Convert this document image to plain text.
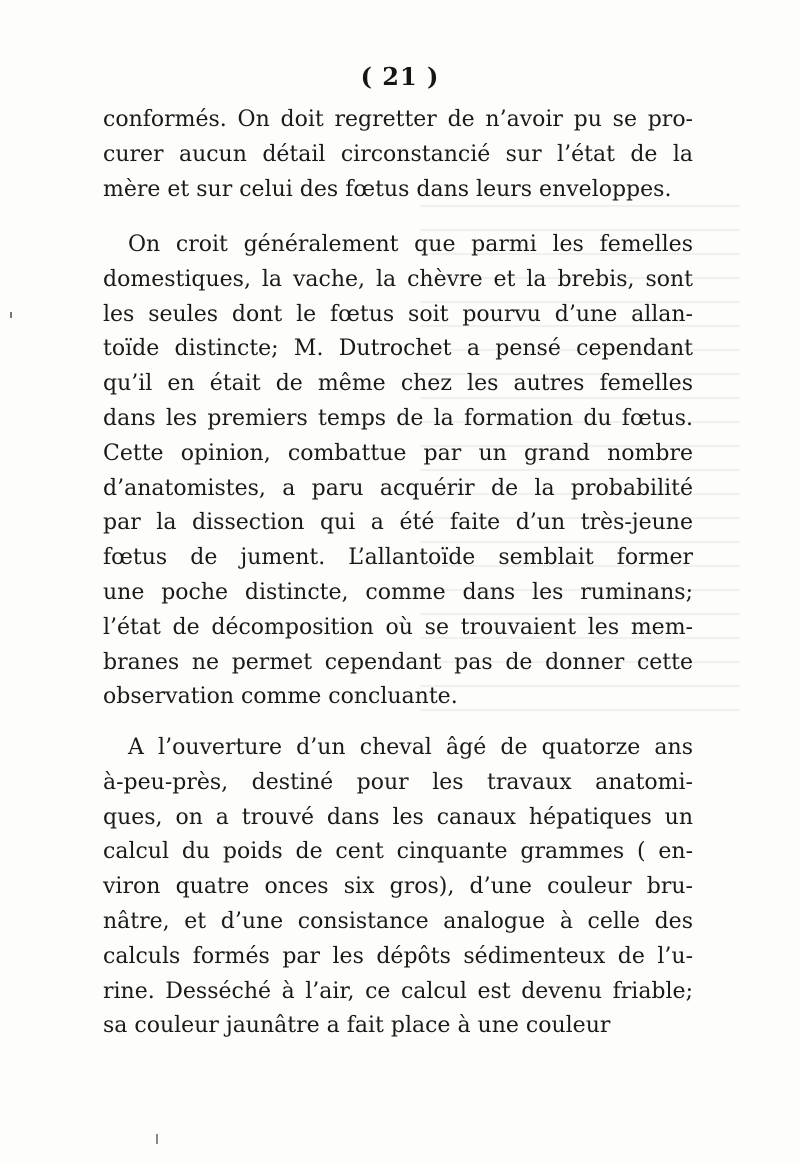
( 21 )
conformés. On doit regretter de n’avoir pu se pro-
curer aucun détail circonstancié sur l’état de la
mère et sur celui des fœtus dans leurs enveloppes.
On croit généralement que parmi les femelles
domestiques, la vache, la chèvre et la brebis, sont
les seules dont le fœtus soit pourvu d’une allan-
toïde distincte; M. Dutrochet a pensé cependant
qu’il en était de même chez les autres femelles
dans les premiers temps de la formation du fœtus.
Cette opinion, combattue par un grand nombre
d’anatomistes, a paru acquérir de la probabilité
par la dissection qui a été faite d’un très-jeune
fœtus de jument. L’allantoïde semblait former
une poche distincte, comme dans les ruminans;
l’état de décomposition où se trouvaient les mem-
branes ne permet cependant pas de donner cette
observation comme concluante.
A l’ouverture d’un cheval âgé de quatorze ans
à-peu-près, destiné pour les travaux anatomi-
ques, on a trouvé dans les canaux hépatiques un
calcul du poids de cent cinquante grammes ( en-
viron quatre onces six gros), d’une couleur bru-
nâtre, et d’une consistance analogue à celle des
calculs formés par les dépôts sédimenteux de l’u-
rine. Desséché à l’air, ce calcul est devenu friable;
sa couleur jaunâtre a fait place à une couleur
